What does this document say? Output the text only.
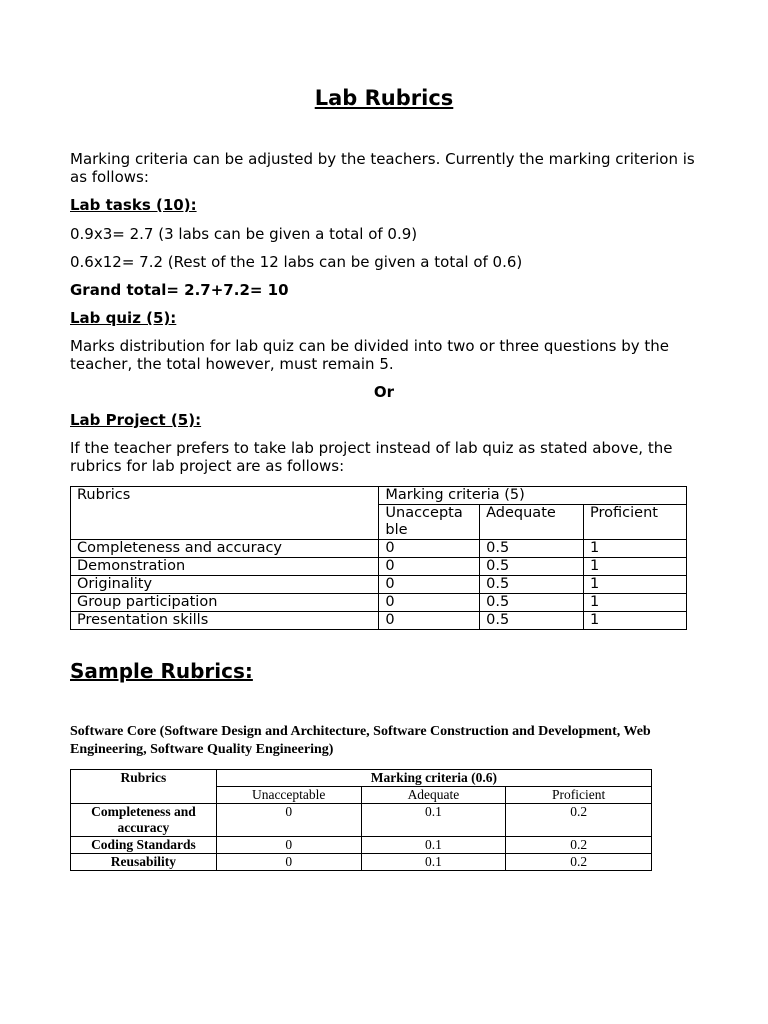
Lab Rubrics
Marking criteria can be adjusted by the teachers. Currently the marking criterion is as follows:
Lab tasks (10):
0.9x3= 2.7 (3 labs can be given a total of 0.9)
0.6x12= 7.2 (Rest of the 12 labs can be given a total of 0.6)
Grand total= 2.7+7.2= 10
Lab quiz (5):
Marks distribution for lab quiz can be divided into two or three questions by the teacher, the total however, must remain 5.
Or
Lab Project (5):
If the teacher prefers to take lab project instead of lab quiz as stated above, the rubrics for lab project are as follows:
Rubrics	Marking criteria (5)		
	Unaccepta ble	Adequate	Proficient
Completeness and accuracy	0	0.5	1
Demonstration	0	0.5	1
Originality	0	0.5	1
Group participation	0	0.5	1
Presentation skills	0	0.5	1
Sample Rubrics:
Software Core (Software Design and Architecture, Software Construction and Development, Web Engineering, Software Quality Engineering)
Rubrics	Marking criteria (0.6)		
	Unacceptable	Adequate	Proficient
Completeness and accuracy	0	0.1	0.2
Coding Standards	0	0.1	0.2
Reusability	0	0.1	0.2
